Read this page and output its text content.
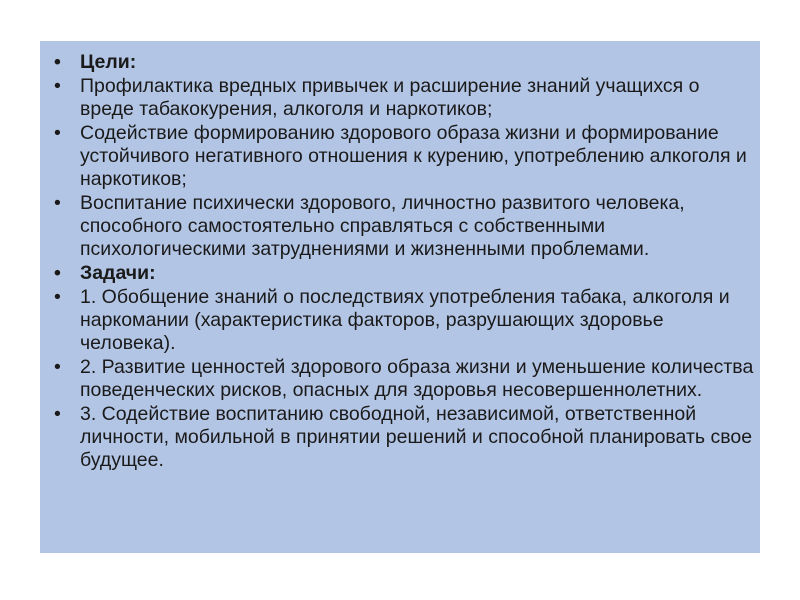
• Цели:
• Профилактика вредных привычек и расширение знаний учащихся о вреде табакокурения, алкоголя и наркотиков;
• Содействие формированию здорового образа жизни и формирование устойчивого негативного отношения к курению, употреблению алкоголя и наркотиков;
• Воспитание психически здорового, личностно развитого человека, способного самостоятельно справляться с собственными психологическими затруднениями и жизненными проблемами.
• Задачи:
• 1. Обобщение знаний о последствиях употребления табака, алкоголя и наркомании (характеристика факторов, разрушающих здоровье человека).
• 2. Развитие ценностей здорового образа жизни и уменьшение количества поведенческих рисков, опасных для здоровья несовершеннолетних.
• 3. Содействие воспитанию свободной, независимой, ответственной личности, мобильной в принятии решений и способной планировать свое будущее.
